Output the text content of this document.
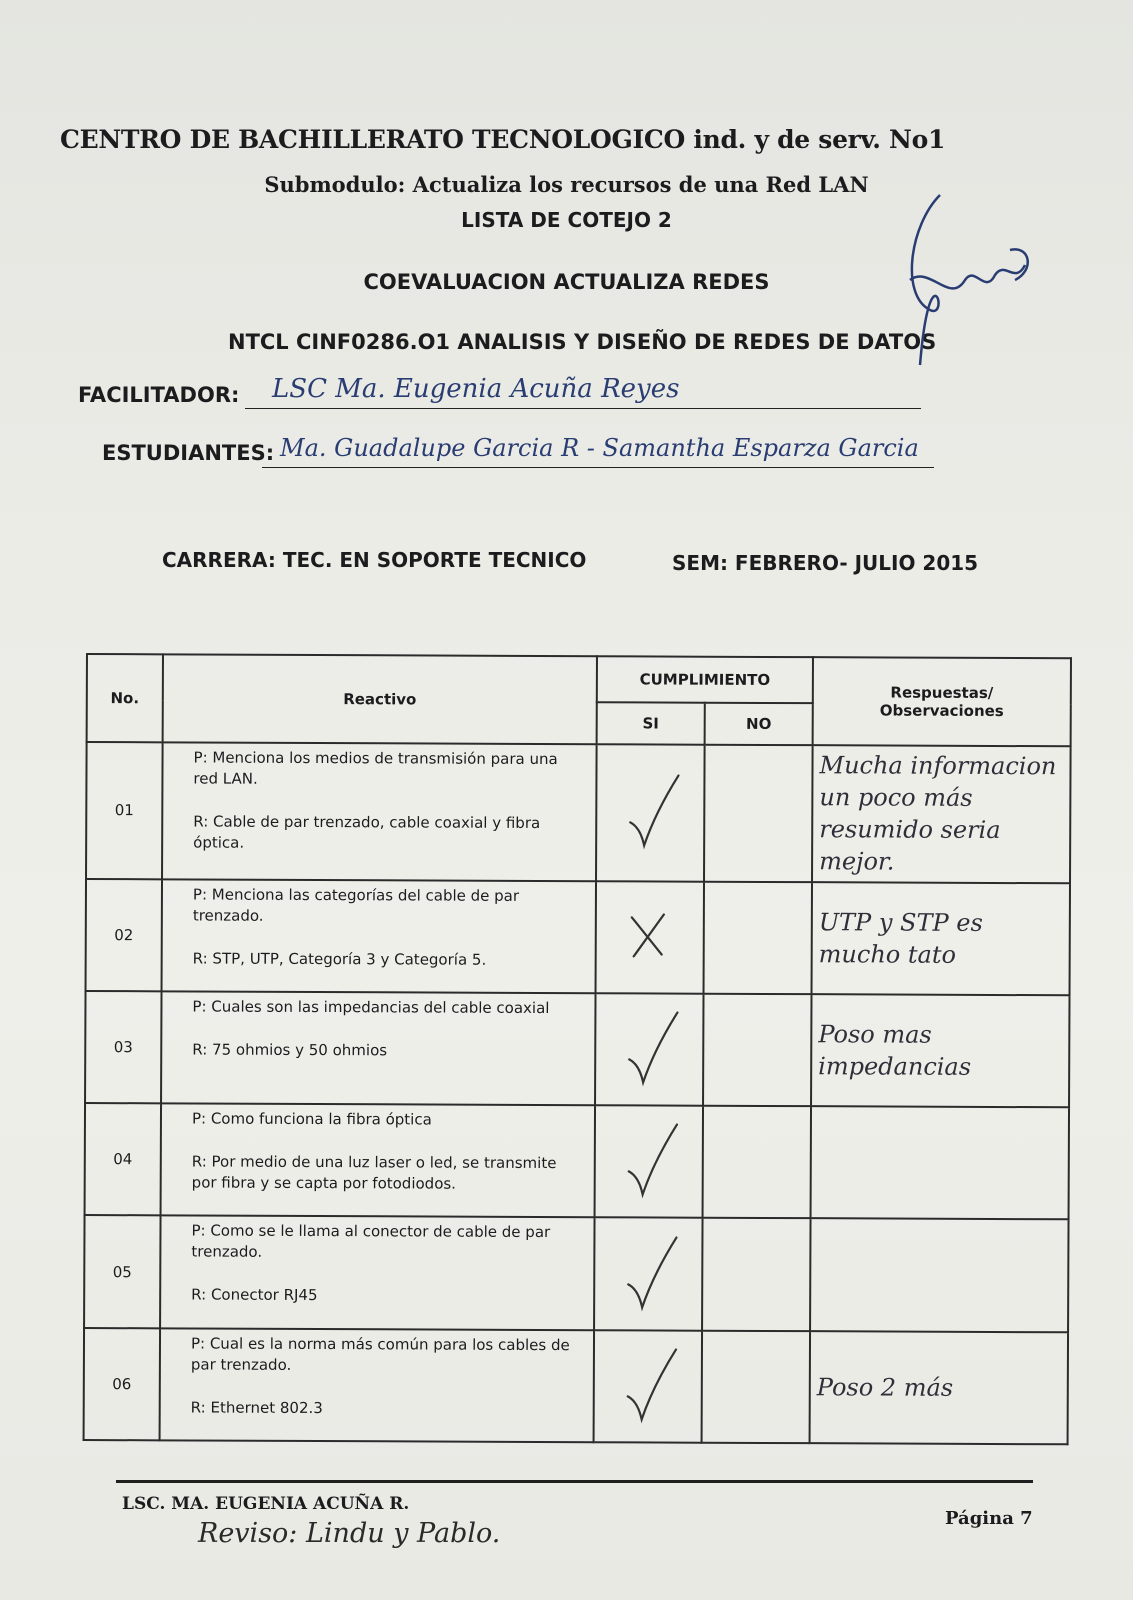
CENTRO DE BACHILLERATO TECNOLOGICO ind. y de serv. No1
Submodulo: Actualiza los recursos de una Red LAN
LISTA DE COTEJO 2
COEVALUACION ACTUALIZA REDES
NTCL CINF0286.O1 ANALISIS Y DISEÑO DE REDES DE DATOS
FACILITADOR: LSC Ma. Eugenia Acuña Reyes
ESTUDIANTES: Ma. Guadalupe Garcia R - Samantha Esparza Garcia
CARRERA: TEC. EN SOPORTE TECNICO	SEM: FEBRERO- JULIO 2015
No.	Reactivo	CUMPLIMIENTO		Respuestas/
Observaciones
		SI	NO	
01	P: Menciona los medios de transmisión para una red LAN.
R: Cable de par trenzado, cable coaxial y fibra óptica.			Mucha informacion un poco más resumido seria mejor.
02	P: Menciona las categorías del cable de par trenzado.
R: STP, UTP, Categoría 3 y Categoría 5.			UTP y STP es mucho tato
03	P: Cuales son las impedancias del cable coaxial
R: 75 ohmios y 50 ohmios			Poso mas impedancias
04	P: Como funciona la fibra óptica
R: Por medio de una luz laser o led, se transmite por fibra y se capta por fotodiodos.

05	P: Como se le llama al conector de cable de par trenzado.
R: Conector RJ45

06	P: Cual es la norma más común para los cables de par trenzado.
R: Ethernet 802.3			Poso 2 más
LSC. MA. EUGENIA ACUÑA R.
Página 7
Reviso: Lindu y Pablo.
